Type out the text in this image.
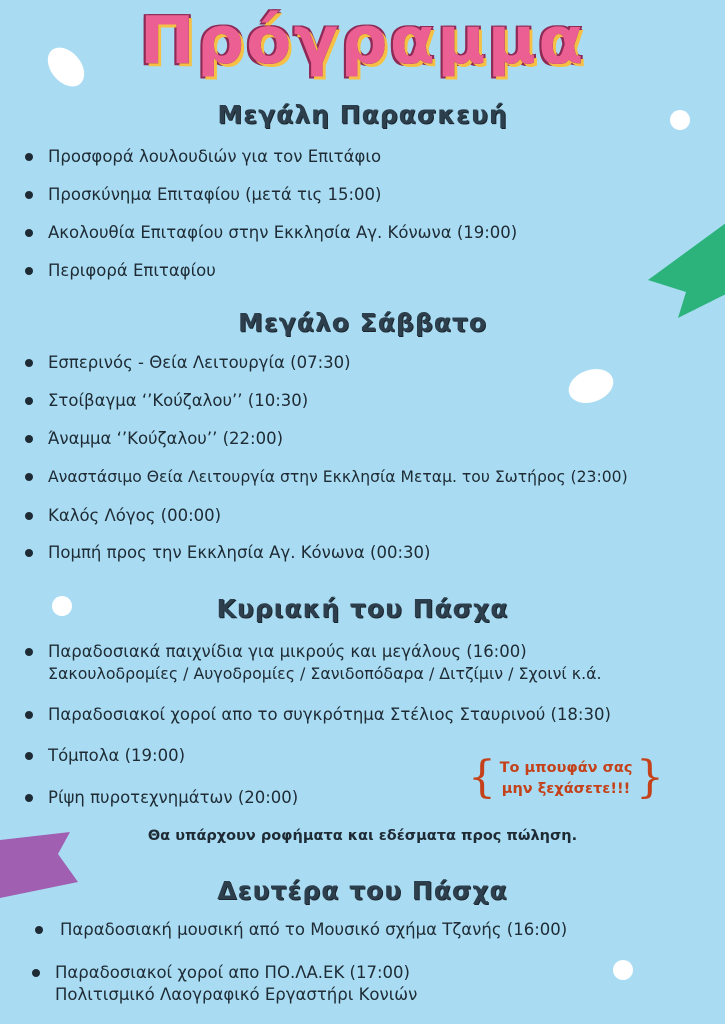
Πρόγραμμα
Μεγάλη Παρασκευή
Προσφορά λουλουδιών για τον Επιτάφιο
Προσκύνημα Επιταφίου (μετά τις 15:00)
Ακολουθία Επιταφίου στην Εκκλησία Αγ. Κόνωνα (19:00)
Περιφορά Επιταφίου
Μεγάλο Σάββατο
Εσπερινός - Θεία Λειτουργία (07:30)
Στοίβαγμα ‘’Κούζαλου’’ (10:30)
Άναμμα ‘’Κούζαλου’’ (22:00)
Αναστάσιμο Θεία Λειτουργία στην Εκκλησία Μεταμ. του Σωτήρος (23:00)
Καλός Λόγος (00:00)
Πομπή προς την Εκκλησία Αγ. Κόνωνα (00:30)
Κυριακή του Πάσχα
Παραδοσιακά παιχνίδια για μικρούς και μεγάλους (16:00)
Σακουλοδρομίες / Αυγοδρομίες / Σανιδοπόδαρα / Διτζίμιν / Σχοινί κ.ά.
Παραδοσιακοί χοροί απο το συγκρότημα Στέλιος Σταυρινού (18:30)
Τόμπολα (19:00)
Ρίψη πυροτεχνημάτων (20:00)	{ Το μπουφάν σας
μην ξεχάσετε!!! }
Θα υπάρχουν ροφήματα και εδέσματα προς πώληση.
Δευτέρα του Πάσχα
Παραδοσιακή μουσική από το Μουσικό σχήμα Τζανής (16:00)
Παραδοσιακοί χοροί απο ΠΟ.ΛΑ.ΕΚ (17:00)
Πολιτισμικό Λαογραφικό Εργαστήρι Κονιών
